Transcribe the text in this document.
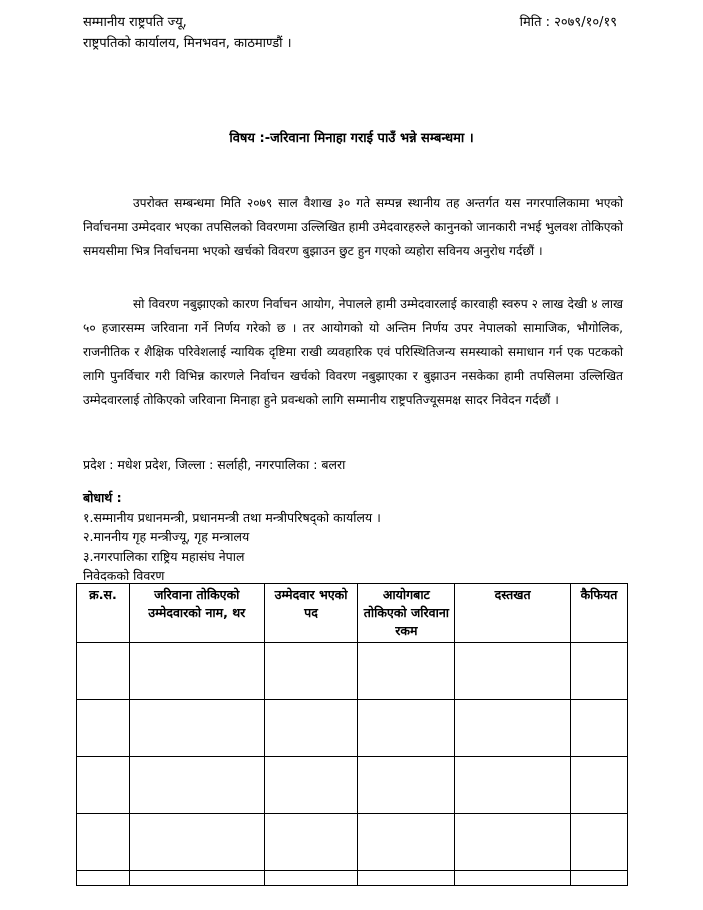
सम्मानीय राष्ट्रपति ज्यू,
राष्ट्रपतिको कार्यालय, मिनभवन, काठमाण्डौं ।
मिति : २०७९/१०/१९
विषय :-जरिवाना मिनाहा गराई पाउँ भन्ने सम्बन्धमा ।

उपरोक्त सम्बन्धमा मिति २०७९ साल वैशाख ३० गते सम्पन्न स्थानीय तह अन्तर्गत यस नगरपालिकामा भएको निर्वाचनमा उम्मेदवार भएका तपसिलको विवरणमा उल्लिखित हामी उमेदवारहरुले कानुनको जानकारी नभई भुलवश तोकिएको समयसीमा भित्र निर्वाचनमा भएको खर्चको विवरण बुझाउन छुट हुन गएको व्यहोरा सविनय अनुरोध गर्दछौं ।

सो विवरण नबुझाएको कारण निर्वाचन आयोग, नेपालले हामी उम्मेदवारलाई कारवाही स्वरुप २ लाख देखी ४ लाख ५० हजारसम्म जरिवाना गर्ने निर्णय गरेको छ । तर आयोगको यो अन्तिम निर्णय उपर नेपालको सामाजिक, भौगोलिक, राजनीतिक र शैक्षिक परिवेशलाई न्यायिक दृष्टिमा राखी व्यवहारिक एवं परिस्थितिजन्य समस्याको समाधान गर्न एक पटकको लागि पुनर्विचार गरी विभिन्न कारणले निर्वाचन खर्चको विवरण नबुझाएका र बुझाउन नसकेका हामी तपसिलमा उल्लिखित उम्मेदवारलाई तोकिएको जरिवाना मिनाहा हुने प्रवन्धको लागि सम्मानीय राष्ट्रपतिज्यूसमक्ष सादर निवेदन गर्दछौं ।

प्रदेश : मधेश प्रदेश, जिल्ला : सर्लाही, नगरपालिका : बलरा
बोधार्थ :
१.सम्मानीय प्रधानमन्त्री, प्रधानमन्त्री तथा मन्त्रीपरिषद्को कार्यालय ।
२.माननीय गृह मन्त्रीज्यू, गृह मन्त्रालय
३.नगरपालिका राष्ट्रिय महासंघ नेपाल
निवेदकको विवरण
क्र.स.	जरिवाना तोकिएको उम्मेदवारको नाम, थर	उम्मेदवार भएको पद	आयोगबाट तोकिएको जरिवाना रकम	दस्तखत	कैफियत
